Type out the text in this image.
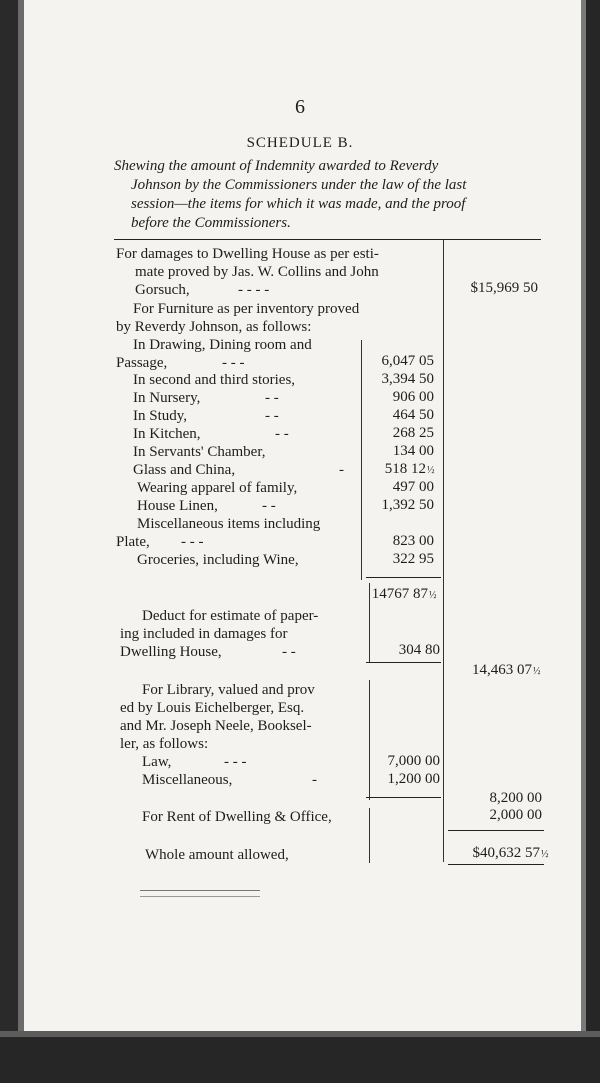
6
SCHEDULE B.
Shewing the amount of Indemnity awarded to Reverdy
Johnson by the Commissioners under the law of the last
session—the items for which it was made, and the proof
before the Commissioners.
For damages to Dwelling House as per esti-
mate proved by Jas. W. Collins and John
Gorsuch,	- - - -	$15,969 50
For Furniture as per inventory proved
by Reverdy Johnson, as follows:
In Drawing, Dining room and
Passage,	- - -	6,047 05
In second and third stories,	3,394 50
In Nursery,	- -	906 00
In Study,	- -	464 50
In Kitchen,	- -	268 25
In Servants' Chamber,	134 00
Glass and China,	-	518 12 ½
Wearing apparel of family,	497 00
House Linen,	- -	1,392 50
Miscellaneous items including
Plate, - - -	823 00
Groceries, including Wine,	322 95
14767 87 ½
Deduct for estimate of paper-
ing included in damages for
Dwelling House,	- -	304 80
14,463 07 ½
For Library, valued and prov
ed by Louis Eichelberger, Esq.
and Mr. Joseph Neele, Booksel-
ler, as follows:
Law,	- - -	7,000 00
Miscellaneous,	-	1,200 00
8,200 00
For Rent of Dwelling & Office,	2,000 00
Whole amount allowed,	$40,632 57 ½
